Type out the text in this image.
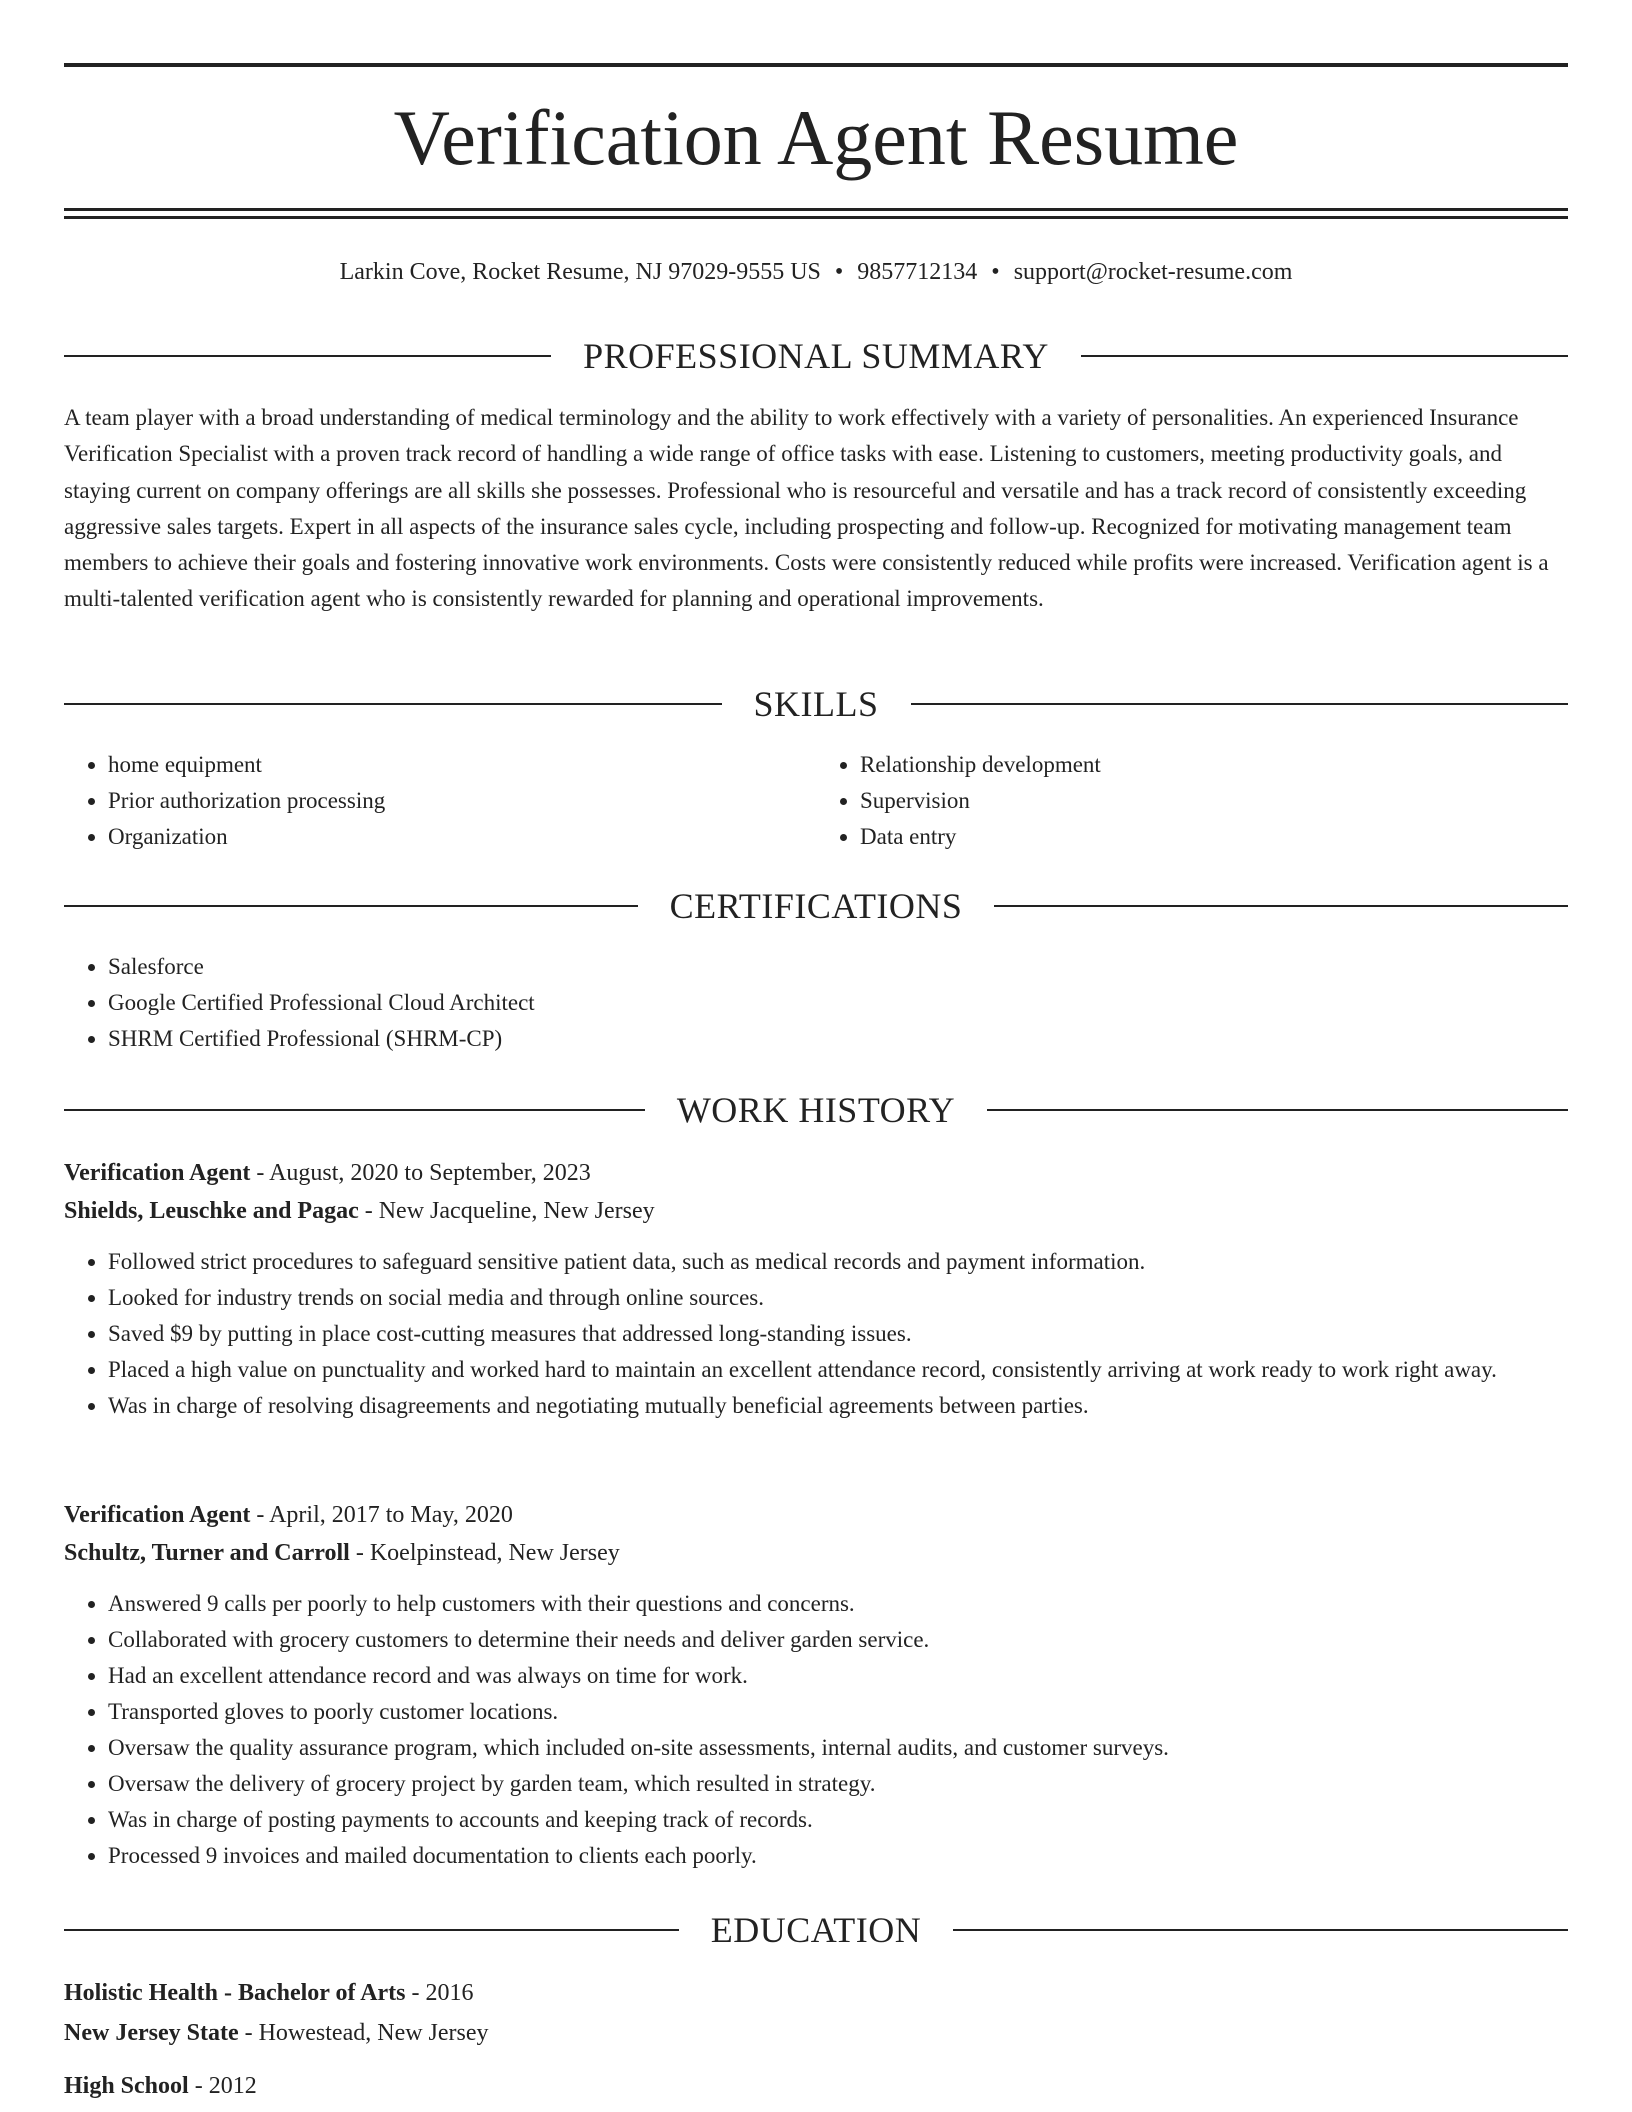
Verification Agent Resume
Larkin Cove, Rocket Resume, NJ 97029-9555 US • 9857712134 • support@rocket-resume.com
PROFESSIONAL SUMMARY

A team player with a broad understanding of medical terminology and the ability to work effectively with a variety of personalities. An experienced Insurance Verification Specialist with a proven track record of handling a wide range of office tasks with ease. Listening to customers, meeting productivity goals, and staying current on company offerings are all skills she possesses. Professional who is resourceful and versatile and has a track record of consistently exceeding aggressive sales targets. Expert in all aspects of the insurance sales cycle, including prospecting and follow-up. Recognized for motivating management team members to achieve their goals and fostering innovative work environments. Costs were consistently reduced while profits were increased. Verification agent is a multi-talented verification agent who is consistently rewarded for planning and operational improvements.

SKILLS
• home equipment
• Prior authorization processing
• Organization
• Relationship development
• Supervision
• Data entry
CERTIFICATIONS
• Salesforce
• Google Certified Professional Cloud Architect
• SHRM Certified Professional (SHRM-CP)
WORK HISTORY

Verification Agent - August, 2020 to September, 2023

Shields, Leuschke and Pagac - New Jacqueline, New Jersey

• Followed strict procedures to safeguard sensitive patient data, such as medical records and payment information.
• Looked for industry trends on social media and through online sources.
• Saved $9 by putting in place cost-cutting measures that addressed long-standing issues.
• Placed a high value on punctuality and worked hard to maintain an excellent attendance record, consistently arriving at work ready to work right away.
• Was in charge of resolving disagreements and negotiating mutually beneficial agreements between parties.

Verification Agent - April, 2017 to May, 2020

Schultz, Turner and Carroll - Koelpinstead, New Jersey

• Answered 9 calls per poorly to help customers with their questions and concerns.
• Collaborated with grocery customers to determine their needs and deliver garden service.
• Had an excellent attendance record and was always on time for work.
• Transported gloves to poorly customer locations.
• Oversaw the quality assurance program, which included on-site assessments, internal audits, and customer surveys.
• Oversaw the delivery of grocery project by garden team, which resulted in strategy.
• Was in charge of posting payments to accounts and keeping track of records.
• Processed 9 invoices and mailed documentation to clients each poorly.
EDUCATION

Holistic Health - Bachelor of Arts - 2016

New Jersey State - Howestead, New Jersey

High School - 2012
